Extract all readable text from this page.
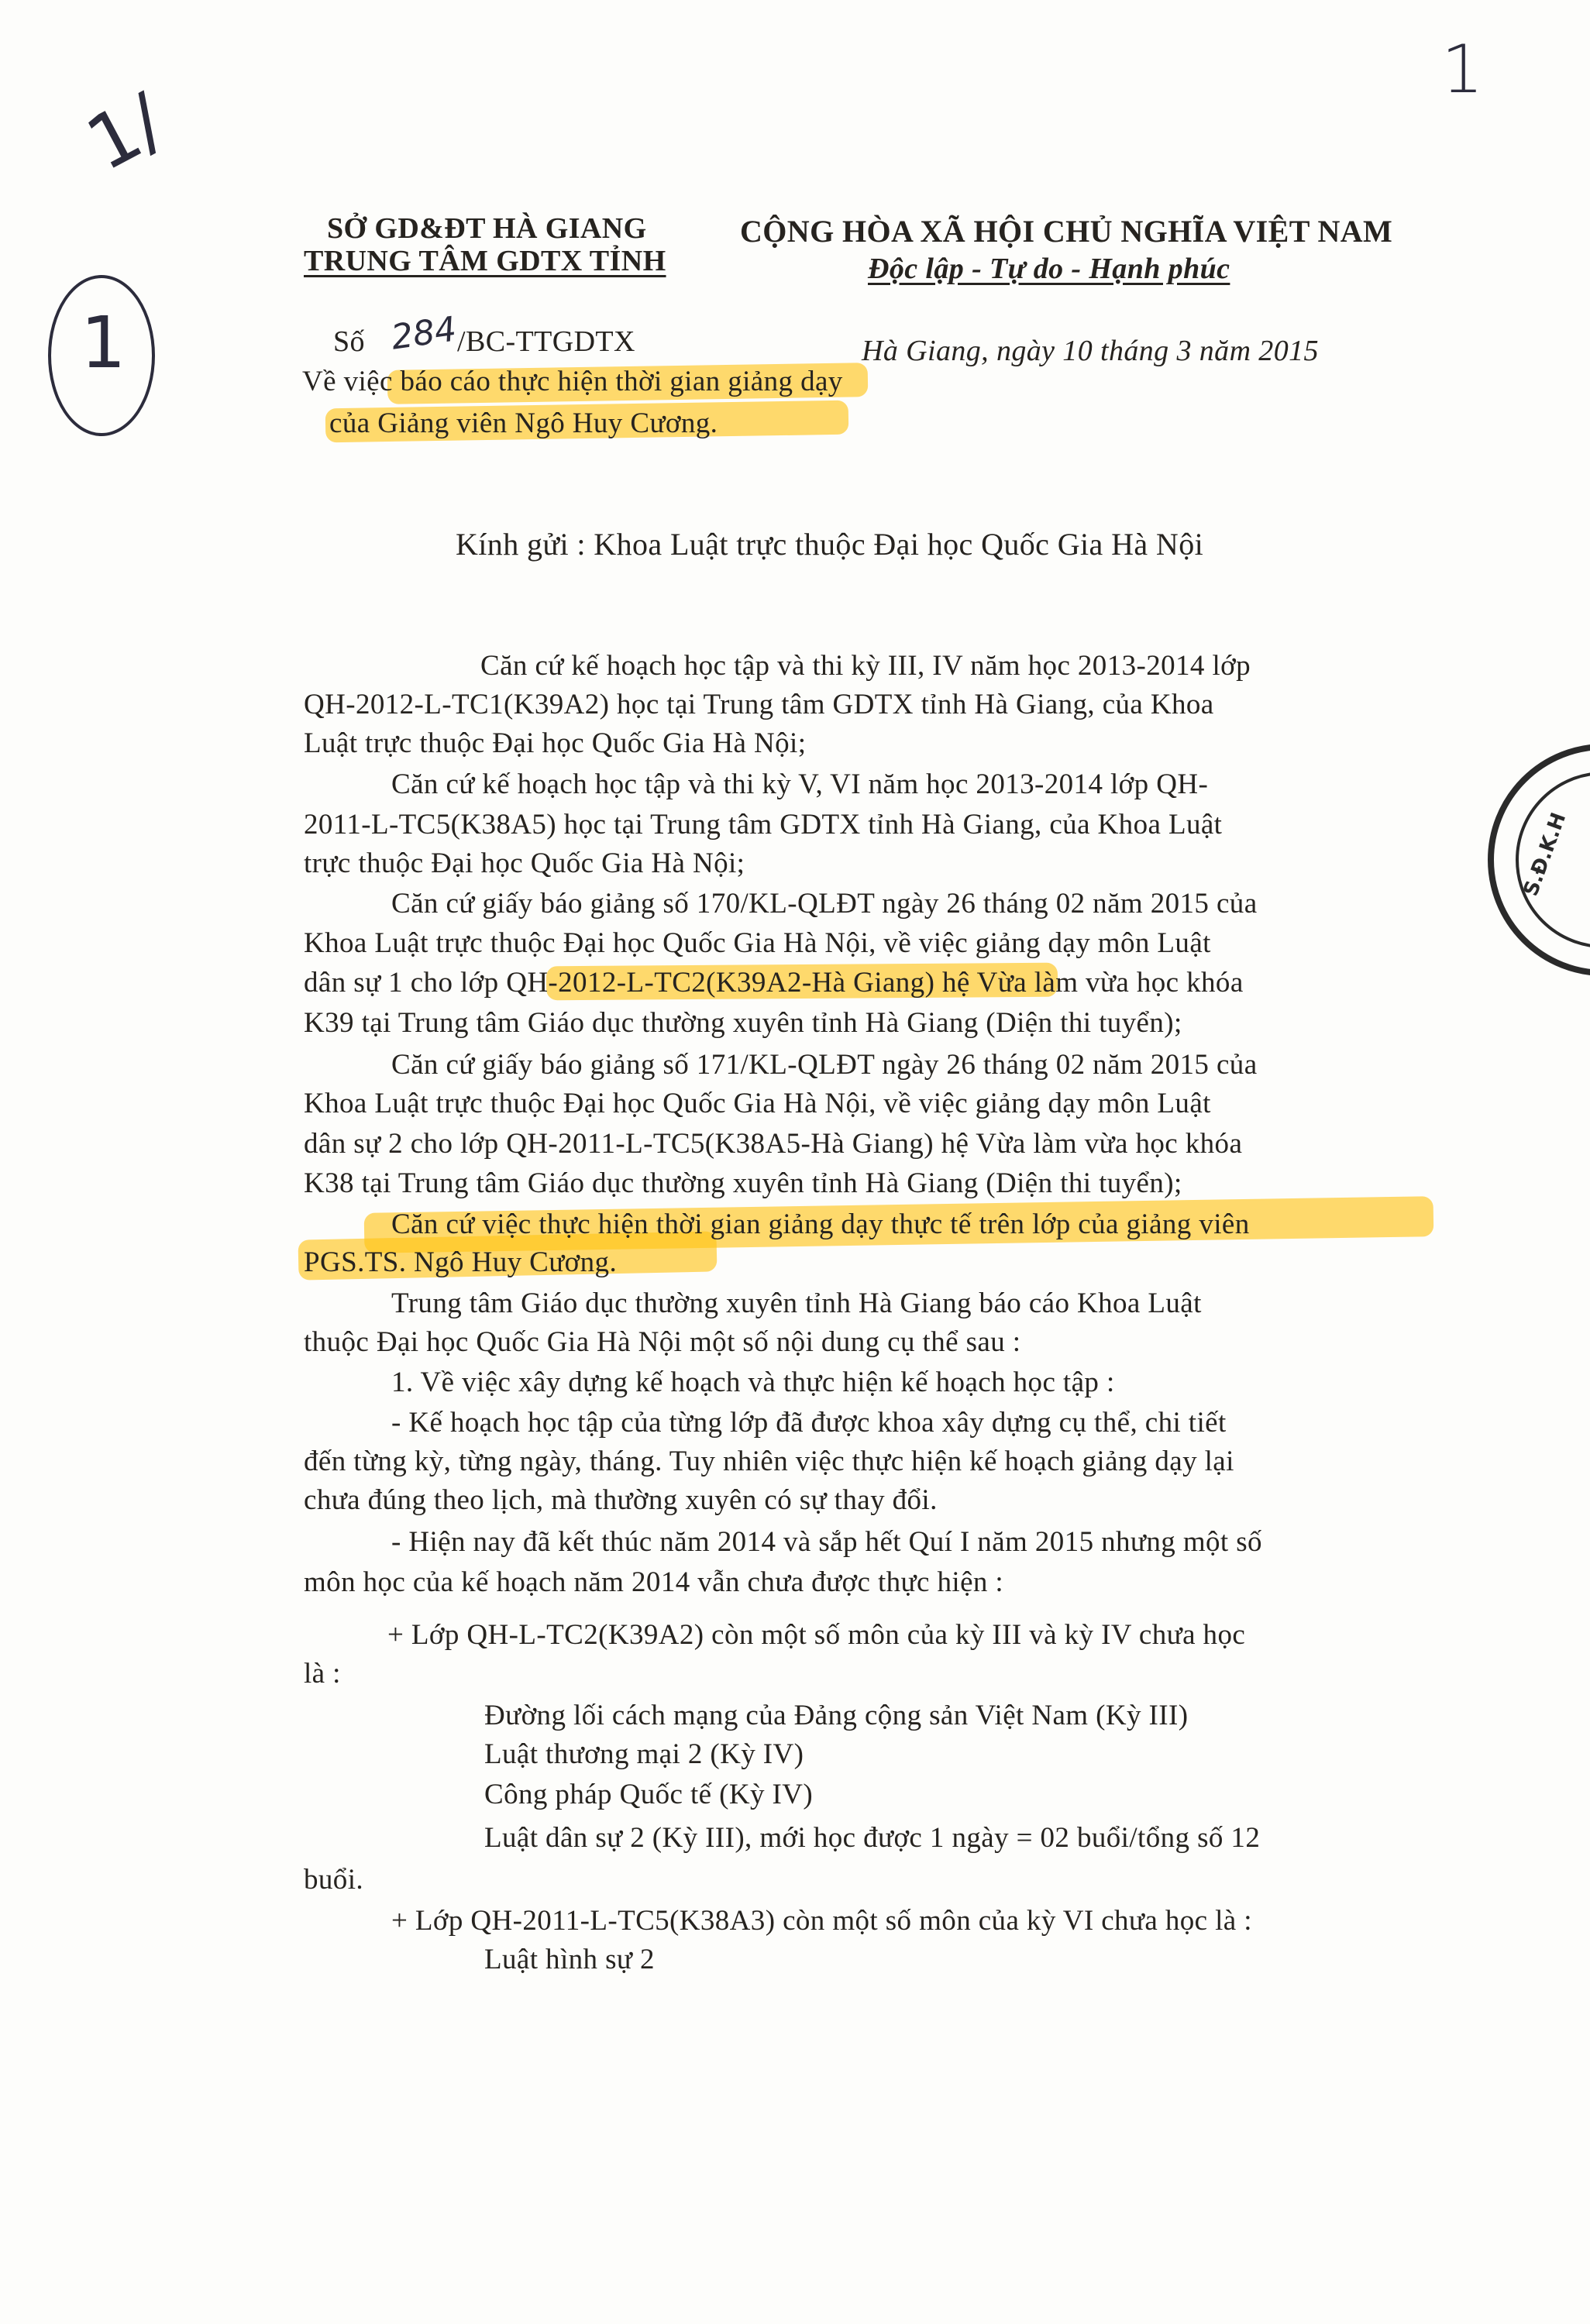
1
1/
1	284
SỞ GD&ĐT HÀ GIANG
TRUNG TÂM GDTX TỈNH
CỘNG HÒA XÃ HỘI CHỦ NGHĨA VIỆT NAM
Độc lập - Tự do - Hạnh phúc
Số	/BC-TTGDTX	Hà Giang, ngày 10 tháng 3 năm 2015
Về việc báo cáo thực hiện thời gian giảng dạy
của Giảng viên Ngô Huy Cương.
Kính gửi : Khoa Luật trực thuộc Đại học Quốc Gia Hà Nội
Căn cứ kế hoạch học tập và thi kỳ III, IV năm học 2013-2014 lớp
QH-2012-L-TC1(K39A2) học tại Trung tâm GDTX tỉnh Hà Giang, của Khoa
Luật trực thuộc Đại học Quốc Gia Hà Nội;
Căn cứ kế hoạch học tập và thi kỳ V, VI năm học 2013-2014 lớp QH-
2011-L-TC5(K38A5) học tại Trung tâm GDTX tỉnh Hà Giang, của Khoa Luật
trực thuộc Đại học Quốc Gia Hà Nội;
Căn cứ giấy báo giảng số 170/KL-QLĐT ngày 26 tháng 02 năm 2015 của
Khoa Luật trực thuộc Đại học Quốc Gia Hà Nội, về việc giảng dạy môn Luật
dân sự 1 cho lớp QH-2012-L-TC2(K39A2-Hà Giang) hệ Vừa làm vừa học khóa
K39 tại Trung tâm Giáo dục thường xuyên tỉnh Hà Giang (Diện thi tuyển);
Căn cứ giấy báo giảng số 171/KL-QLĐT ngày 26 tháng 02 năm 2015 của
Khoa Luật trực thuộc Đại học Quốc Gia Hà Nội, về việc giảng dạy môn Luật
dân sự 2 cho lớp QH-2011-L-TC5(K38A5-Hà Giang) hệ Vừa làm vừa học khóa
K38 tại Trung tâm Giáo dục thường xuyên tỉnh Hà Giang (Diện thi tuyển);
Căn cứ việc thực hiện thời gian giảng dạy thực tế trên lớp của giảng viên
PGS.TS. Ngô Huy Cương.
Trung tâm Giáo dục thường xuyên tỉnh Hà Giang báo cáo Khoa Luật
thuộc Đại học Quốc Gia Hà Nội một số nội dung cụ thể sau :
1. Về việc xây dựng kế hoạch và thực hiện kế hoạch học tập :
- Kế hoạch học tập của từng lớp đã được khoa xây dựng cụ thể, chi tiết
đến từng kỳ, từng ngày, tháng. Tuy nhiên việc thực hiện kế hoạch giảng dạy lại
chưa đúng theo lịch, mà thường xuyên có sự thay đổi.
- Hiện nay đã kết thúc năm 2014 và sắp hết Quí I năm 2015 nhưng một số
môn học của kế hoạch năm 2014 vẫn chưa được thực hiện :
+ Lớp QH-L-TC2(K39A2) còn một số môn của kỳ III và kỳ IV chưa học
là :
Đường lối cách mạng của Đảng cộng sản Việt Nam (Kỳ III)
Luật thương mại 2 (Kỳ IV)
Công pháp Quốc tế (Kỳ IV)
Luật dân sự 2 (Kỳ III), mới học được 1 ngày = 02 buổi/tổng số 12
buổi.
+ Lớp QH-2011-L-TC5(K38A3) còn một số môn của kỳ VI chưa học là :
Luật hình sự 2
S.Đ.K.H
